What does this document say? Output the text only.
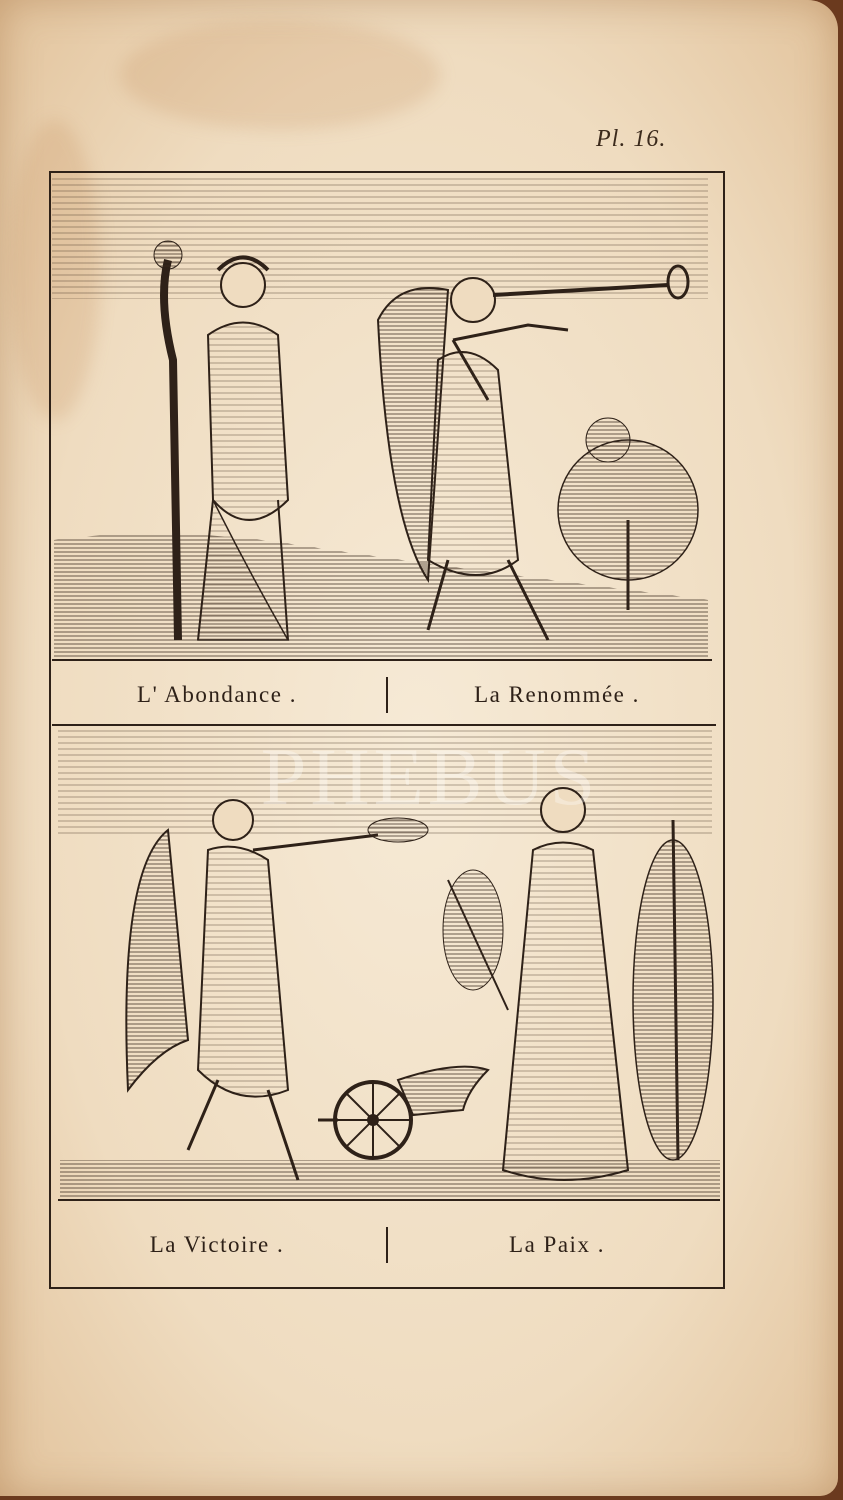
Pl. 16.
L' Abondance .	La Renommée .
La Victoire .	La Paix .
PHEBUS
